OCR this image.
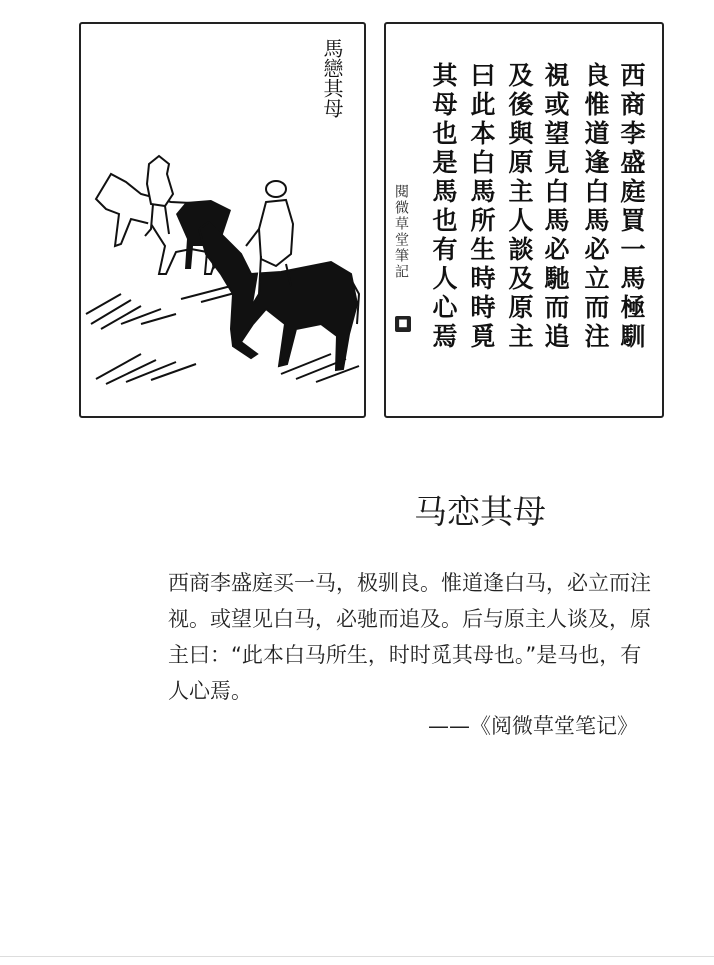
馬戀其母	西商李盛庭買一馬極馴
良惟道逢白馬必立而注
視或望見白馬必馳而追
及後與原主人談及原主
曰此本白馬所生時時覓
其母也是馬也有人心焉
閱微草堂筆記
■
马恋其母

西商李盛庭买一马，极驯良。惟道逢白马，必立而注视。或望见白马，必驰而追及。后与原主人谈及，原主曰：“此本白马所生，时时觅其母也。”是马也，有人心焉。

——《阅微草堂笔记》
